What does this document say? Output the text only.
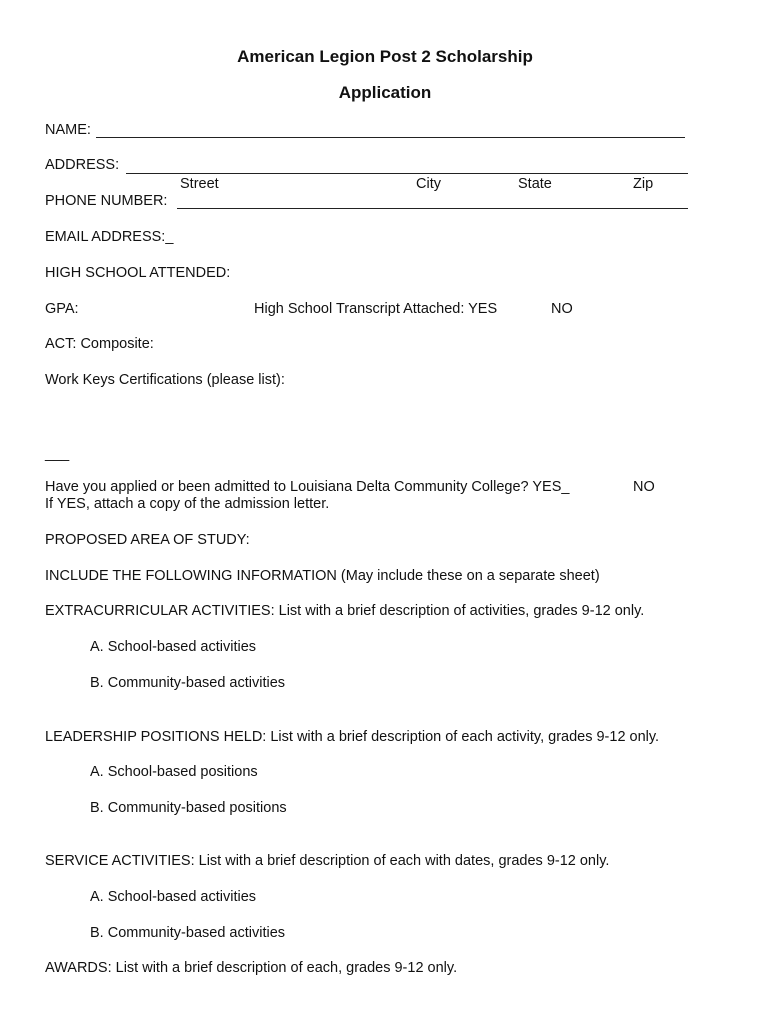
American Legion Post 2 Scholarship
Application
NAME:
ADDRESS:
Street	City	State	Zip
PHONE NUMBER:
EMAIL ADDRESS:_
HIGH SCHOOL ATTENDED:
GPA:	High School Transcript Attached: YES	NO
ACT: Composite:
Work Keys Certifications (please list):
___
Have you applied or been admitted to Louisiana Delta Community College? YES_	NO
If YES, attach a copy of the admission letter.
PROPOSED AREA OF STUDY:
INCLUDE THE FOLLOWING INFORMATION (May include these on a separate sheet)
EXTRACURRICULAR ACTIVITIES: List with a brief description of activities, grades 9-12 only.
A. School-based activities
B. Community-based activities
LEADERSHIP POSITIONS HELD: List with a brief description of each activity, grades 9-12 only.
A. School-based positions
B. Community-based positions
SERVICE ACTIVITIES: List with a brief description of each with dates, grades 9-12 only.
A. School-based activities
B. Community-based activities
AWARDS: List with a brief description of each, grades 9-12 only.
